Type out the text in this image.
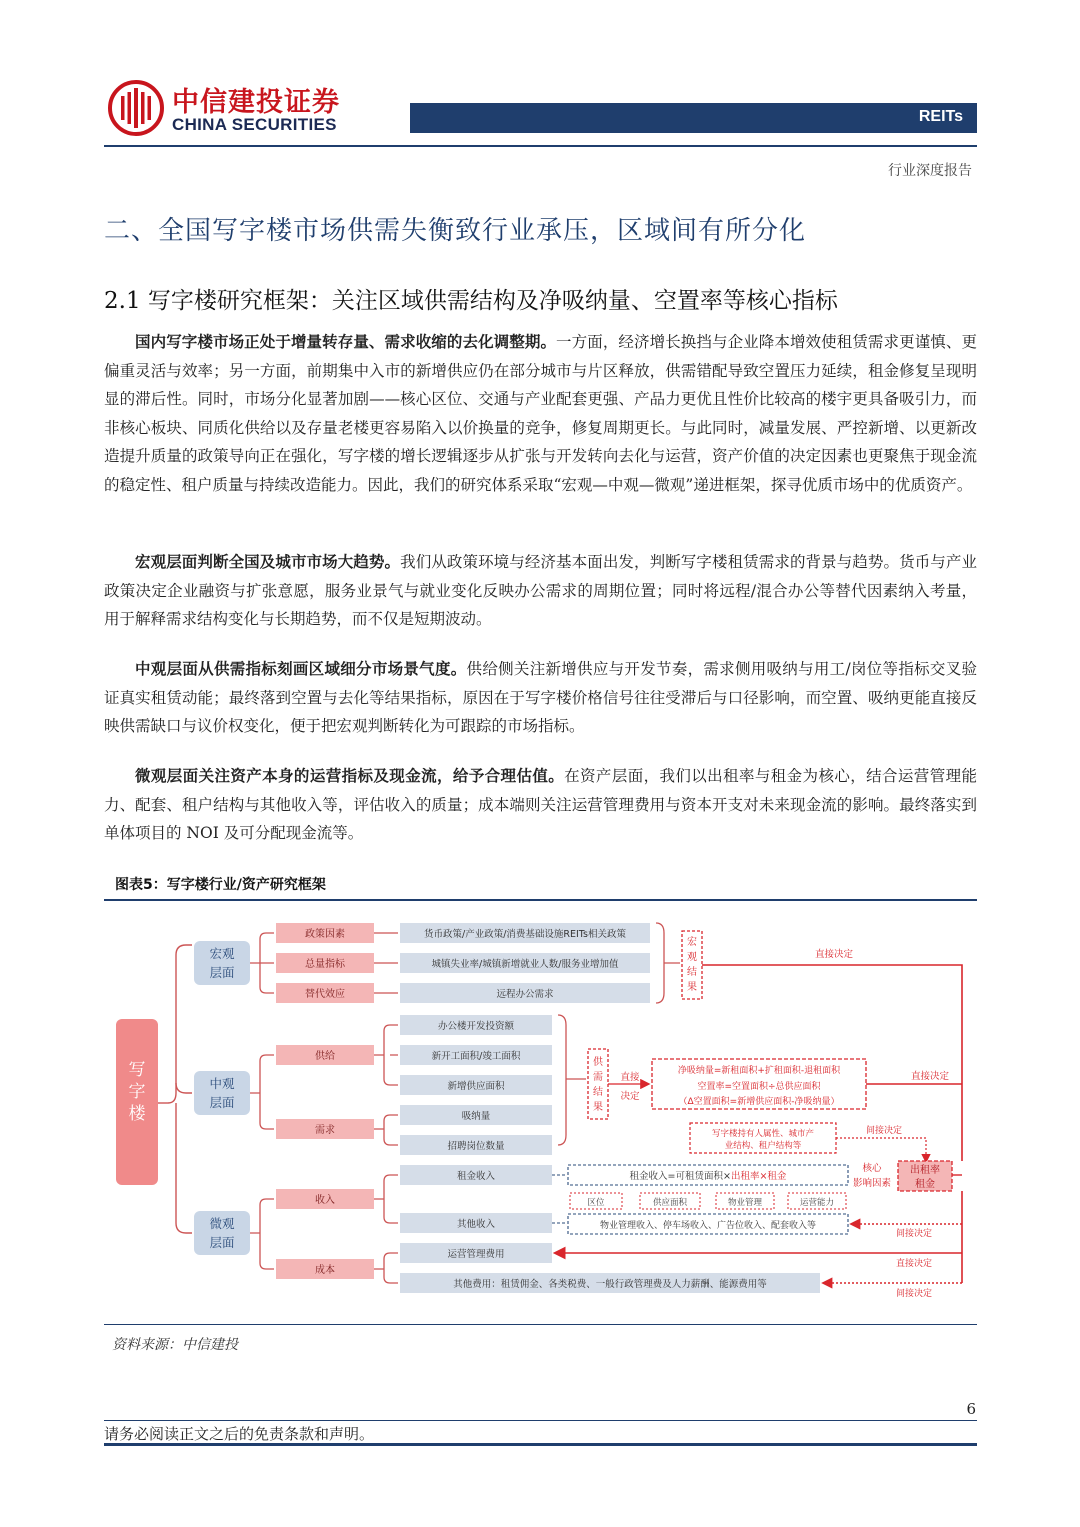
中信建投证券
CHINA SECURITIES	REITs
行业深度报告
二、全国写字楼市场供需失衡致行业承压，区域间有所分化
2.1 写字楼研究框架：关注区域供需结构及净吸纳量、空置率等核心指标
国内写字楼市场正处于增量转存量、需求收缩的去化调整期。一方面，经济增长换挡与企业降本增效使租赁需求更谨慎、更偏重灵活与效率；另一方面，前期集中入市的新增供应仍在部分城市与片区释放，供需错配导致空置压力延续，租金修复呈现明显的滞后性。同时，市场分化显著加剧——核心区位、交通与产业配套更强、产品力更优且性价比较高的楼宇更具备吸引力，而非核心板块、同质化供给以及存量老楼更容易陷入以价换量的竞争，修复周期更长。与此同时，减量发展、严控新增、以更新改造提升质量的政策导向正在强化，写字楼的增长逻辑逐步从扩张与开发转向去化与运营，资产价值的决定因素也更聚焦于现金流的稳定性、租户质量与持续改造能力。因此，我们的研究体系采取“宏观—中观—微观”递进框架，探寻优质市场中的优质资产。
宏观层面判断全国及城市市场大趋势。我们从政策环境与经济基本面出发，判断写字楼租赁需求的背景与趋势。货币与产业政策决定企业融资与扩张意愿，服务业景气与就业变化反映办公需求的周期位置；同时将远程/混合办公等替代因素纳入考量，用于解释需求结构变化与长期趋势，而不仅是短期波动。
中观层面从供需指标刻画区域细分市场景气度。供给侧关注新增供应与开发节奏，需求侧用吸纳与用工/岗位等指标交叉验证真实租赁动能；最终落到空置与去化等结果指标，原因在于写字楼价格信号往往受滞后与口径影响，而空置、吸纳更能直接反映供需缺口与议价权变化，便于把宏观判断转化为可跟踪的市场指标。
微观层面关注资产本身的运营指标及现金流，给予合理估值。在资产层面，我们以出租率与租金为核心，结合运营管理能力、配套、租户结构与其他收入等，评估收入的质量；成本端则关注运营管理费用与资本开支对未来现金流的影响。最终落实到单体项目的 NOI 及可分配现金流等。
图表5：写字楼行业/资产研究框架
写字楼
宏观
层面
中观
层面
微观
层面
政策因素
总量指标
替代效应
供给
需求
收入
成本
货币政策/产业政策/消费基础设施REITs相关政策
城镇失业率/城镇新增就业人数/服务业增加值
远程办公需求
宏观结果
办公楼开发投资额
新开工面积/竣工面积
新增供应面积
吸纳量
招聘岗位数量
供需结果
直接
决定
净吸纳量=新租面积+扩租面积-退租面积
空置率=空置面积÷总供应面积
（Δ空置面积=新增供应面积-净吸纳量）
写字楼持有人属性、城市产
业结构、租户结构等
间接决定
租金收入
其他收入
运营管理费用
其他费用：租赁佣金、各类税费、一般行政管理费及人力薪酬、能源费用等
租金收入=可租赁面积×出租率×租金
区位	供应面积	物业管理	运营能力
物业管理收入、停车场收入、广告位收入、配套收入等
核心
影响因素
出租率
租金
直接决定
直接决定
间接决定
直接决定
间接决定
资料来源：中信建投
6
请务必阅读正文之后的免责条款和声明。
